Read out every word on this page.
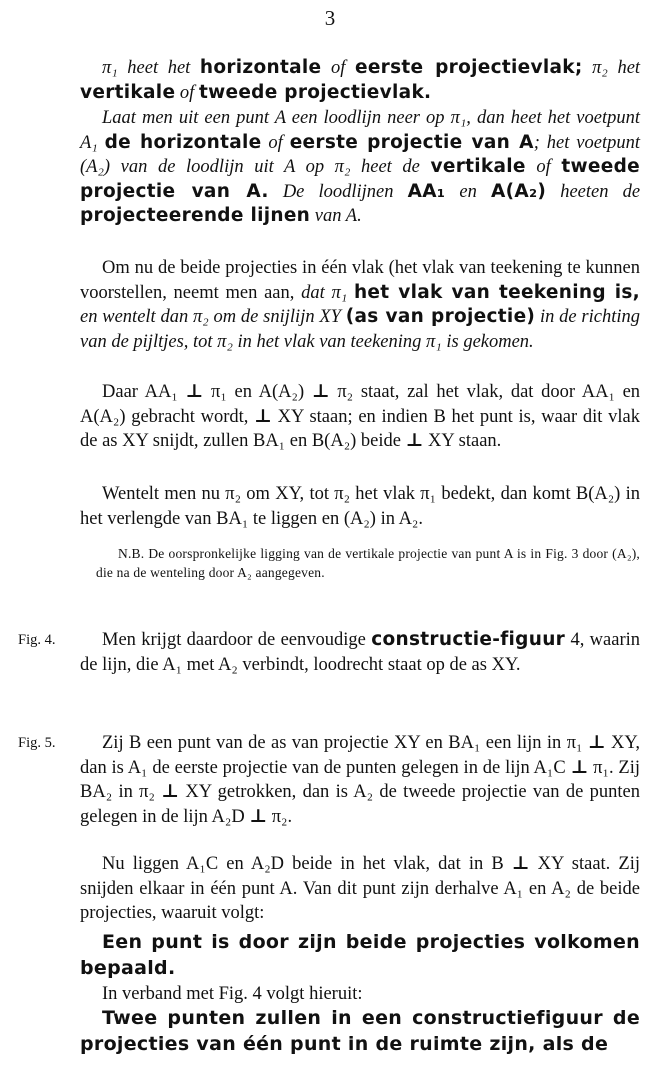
3

π₁ heet het horizontale of eerste projectievlak; π₂ het vertikale of tweede projectievlak.

Laat men uit een punt A een loodlijn neer op π₁, dan heet het voetpunt A₁ de horizontale of eerste projectie van A; het voetpunt (A₂) van de loodlijn uit A op π₂ heet de vertikale of tweede projectie van A. De loodlijnen AA₁ en A(A₂) heeten de projecteerende lijnen van A.

Om nu de beide projecties in één vlak (het vlak van teekening te kunnen voorstellen, neemt men aan, dat π₁ het vlak van teekening is, en wentelt dan π₂ om de snijlijn XY (as van projectie) in de richting van de pijltjes, tot π₂ in het vlak van teekening π₁ is gekomen.

Daar AA₁ ⊥ π₁ en A(A₂) ⊥ π₂ staat, zal het vlak, dat door AA₁ en A(A₂) gebracht wordt, ⊥ XY staan; en indien B het punt is, waar dit vlak de as XY snijdt, zullen BA₁ en B(A₂) beide ⊥ XY staan.

Wentelt men nu π₂ om XY, tot π₂ het vlak π₁ bedekt, dan komt B(A₂) in het verlengde van BA₁ te liggen en (A₂) in A₂.

N.B. De oorspronkelijke ligging van de vertikale projectie van punt A is in Fig. 3 door (A₂), die na de wenteling door A₂ aangegeven.

Fig. 4.	Men krijgt daardoor de eenvoudige constructie-figuur 4, waarin de lijn, die A₁ met A₂ verbindt, loodrecht staat op de as XY.

Fig. 5.	Zij B een punt van de as van projectie XY en BA₁ een lijn in π₁ ⊥ XY, dan is A₁ de eerste projectie van de punten gelegen in de lijn A₁C ⊥ π₁. Zij BA₂ in π₂ ⊥ XY getrokken, dan is A₂ de tweede projectie van de punten gelegen in de lijn A₂D ⊥ π₂.

Nu liggen A₁C en A₂D beide in het vlak, dat in B ⊥ XY staat. Zij snijden elkaar in één punt A. Van dit punt zijn derhalve A₁ en A₂ de beide projecties, waaruit volgt:

Een punt is door zijn beide projecties volkomen bepaald.

In verband met Fig. 4 volgt hieruit:

Twee punten zullen in een constructiefiguur de projecties van één punt in de ruimte zijn, als de
